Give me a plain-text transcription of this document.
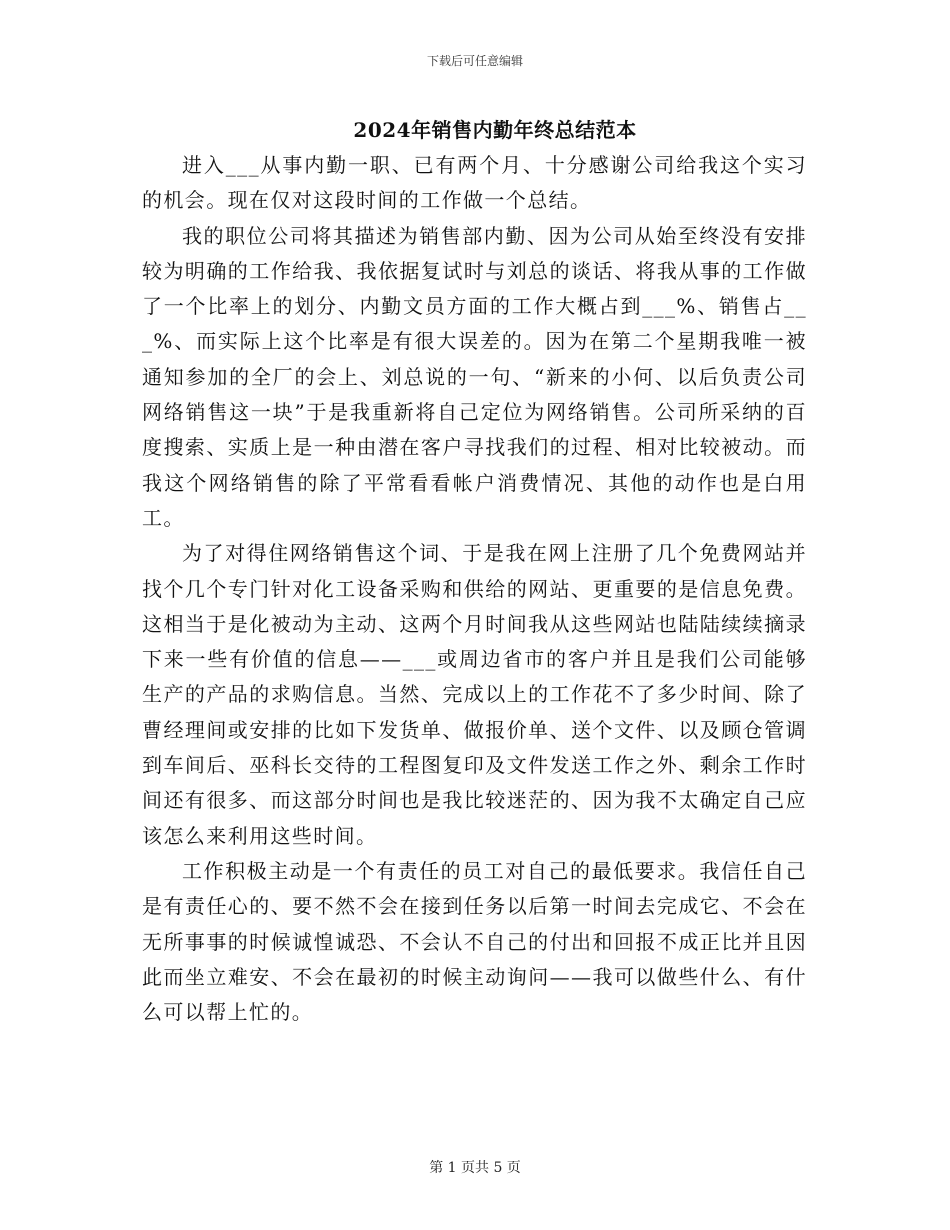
下载后可任意编辑
2024年销售内勤年终总结范本

进入___从事内勤一职、已有两个月、十分感谢公司给我这个实习的机会。现在仅对这段时间的工作做一个总结。

我的职位公司将其描述为销售部内勤、因为公司从始至终没有安排较为明确的工作给我、我依据复试时与刘总的谈话、将我从事的工作做了一个比率上的划分、内勤文员方面的工作大概占到___%、销售占___%、而实际上这个比率是有很大误差的。因为在第二个星期我唯一被通知参加的全厂的会上、刘总说的一句、“新来的小何、以后负责公司网络销售这一块”于是我重新将自己定位为网络销售。公司所采纳的百度搜索、实质上是一种由潜在客户寻找我们的过程、相对比较被动。而我这个网络销售的除了平常看看帐户消费情况、其他的动作也是白用工。

为了对得住网络销售这个词、于是我在网上注册了几个免费网站并找个几个专门针对化工设备采购和供给的网站、更重要的是信息免费。这相当于是化被动为主动、这两个月时间我从这些网站也陆陆续续摘录下来一些有价值的信息——___或周边省市的客户并且是我们公司能够生产的产品的求购信息。当然、完成以上的工作花不了多少时间、除了曹经理间或安排的比如下发货单、做报价单、送个文件、以及顾仓管调到车间后、巫科长交待的工程图复印及文件发送工作之外、剩余工作时间还有很多、而这部分时间也是我比较迷茫的、因为我不太确定自己应该怎么来利用这些时间。

工作积极主动是一个有责任的员工对自己的最低要求。我信任自己是有责任心的、要不然不会在接到任务以后第一时间去完成它、不会在无所事事的时候诚惶诚恐、不会认不自己的付出和回报不成正比并且因此而坐立难安、不会在最初的时候主动询问——我可以做些什么、有什么可以帮上忙的。

第 1 页共 5 页
